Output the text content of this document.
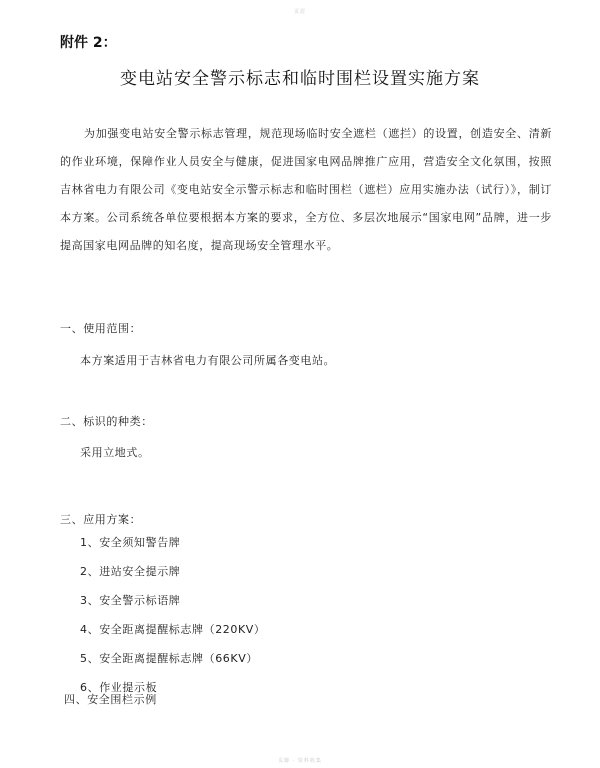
页眉
附件 2：
变电站安全警示标志和临时围栏设置实施方案
为加强变电站安全警示标志管理，规范现场临时安全遮栏（遮拦）的设置，创造安全、清新的作业环境，保障作业人员安全与健康，促进国家电网品牌推广应用，营造安全文化氛围，按照吉林省电力有限公司《变电站安全示警示标志和临时围栏（遮栏）应用实施办法（试行）》，制订本方案。公司系统各单位要根据本方案的要求，全方位、多层次地展示“国家电网”品牌，进一步提高国家电网品牌的知名度，提高现场安全管理水平。
一、使用范围：
本方案适用于吉林省电力有限公司所属各变电站。
二、标识的种类：
采用立地式。
三、应用方案：
1、安全须知警告牌
2、进站安全提示牌
3、安全警示标语牌
4、安全距离提醒标志牌（220KV）
5、安全距离提醒标志牌（66KV）
6、作业提示板
四、安全围栏示例
页脚 · 资料收集
